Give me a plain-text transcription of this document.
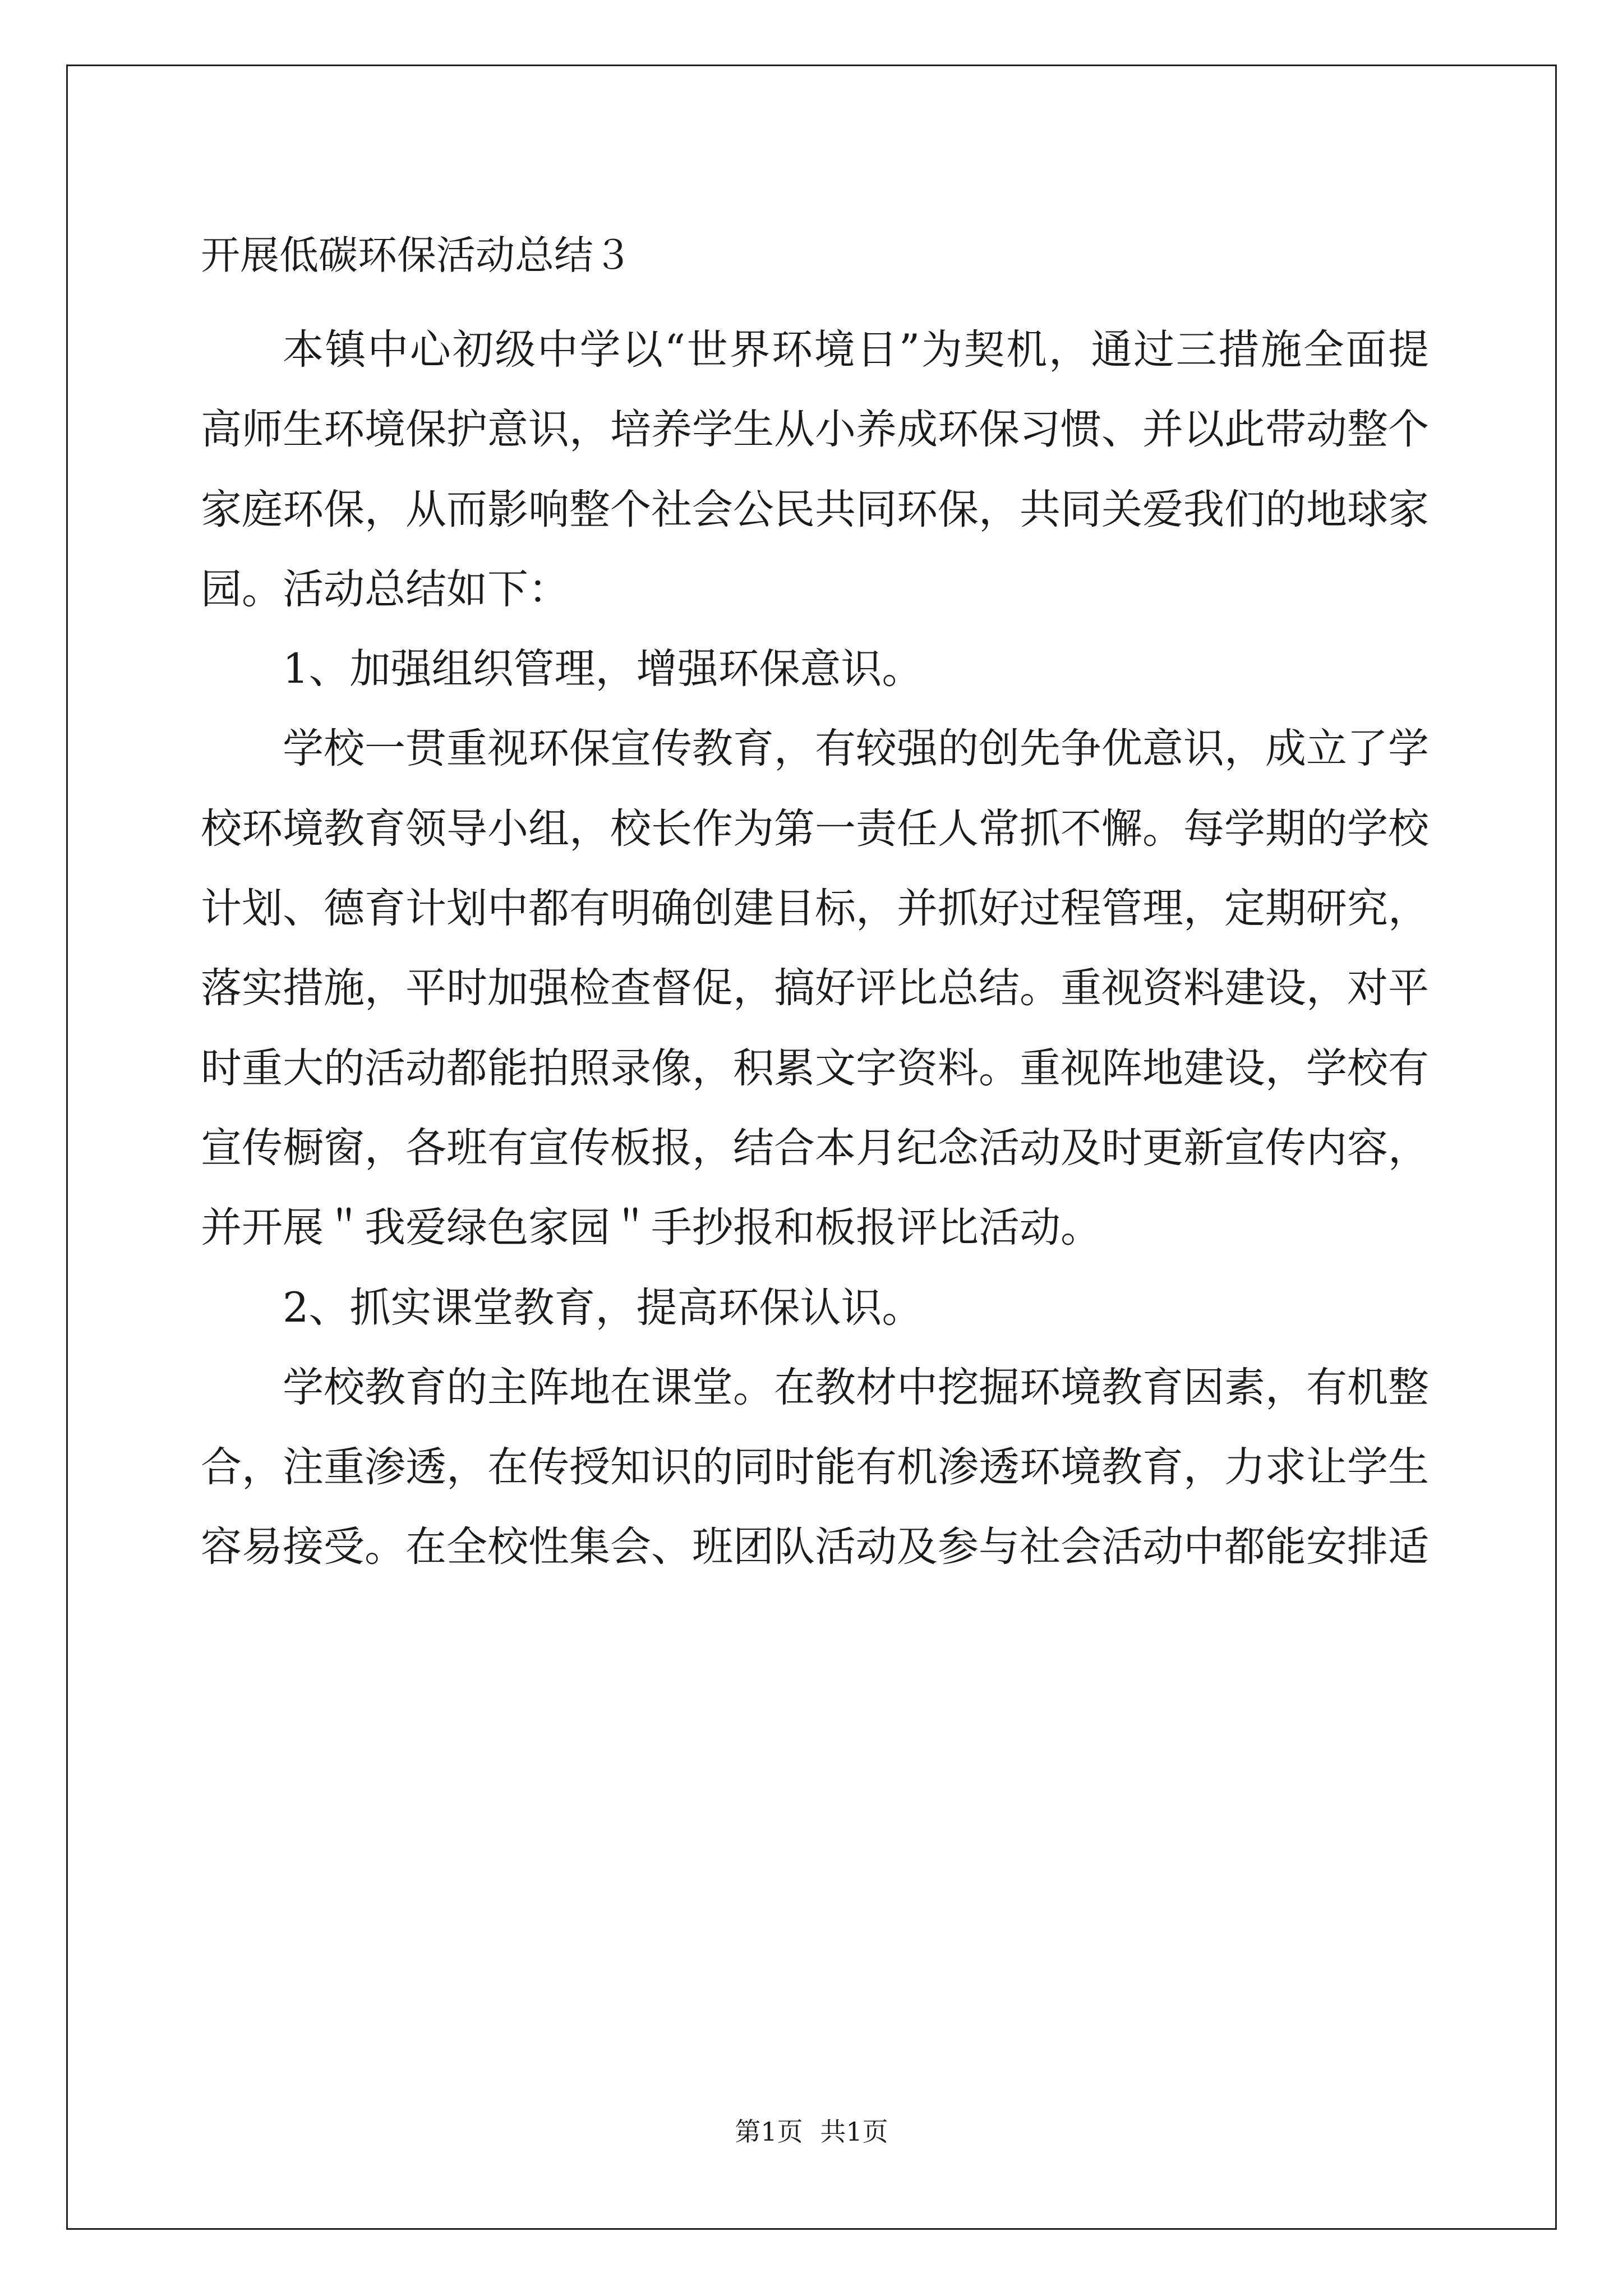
开展低碳环保活动总结３

本镇中心初级中学以“世界环境日”为契机，通过三措施全面提高师生环境保护意识，培养学生从小养成环保习惯、并以此带动整个家庭环保，从而影响整个社会公民共同环保，共同关爱我们的地球家园。活动总结如下：

1、加强组织管理，增强环保意识。

学校一贯重视环保宣传教育，有较强的创先争优意识，成立了学校环境教育领导小组，校长作为第一责任人常抓不懈。每学期的学校计划、德育计划中都有明确创建目标，并抓好过程管理，定期研究，落实措施，平时加强检查督促，搞好评比总结。重视资料建设，对平时重大的活动都能拍照录像，积累文字资料。重视阵地建设，学校有宣传橱窗，各班有宣传板报，结合本月纪念活动及时更新宣传内容，并开展＂我爱绿色家园＂手抄报和板报评比活动。

2、抓实课堂教育，提高环保认识。

学校教育的主阵地在课堂。在教材中挖掘环境教育因素，有机整合，注重渗透，在传授知识的同时能有机渗透环境教育，力求让学生容易接受。在全校性集会、班团队活动及参与社会活动中都能安排适

第1页 共1页
